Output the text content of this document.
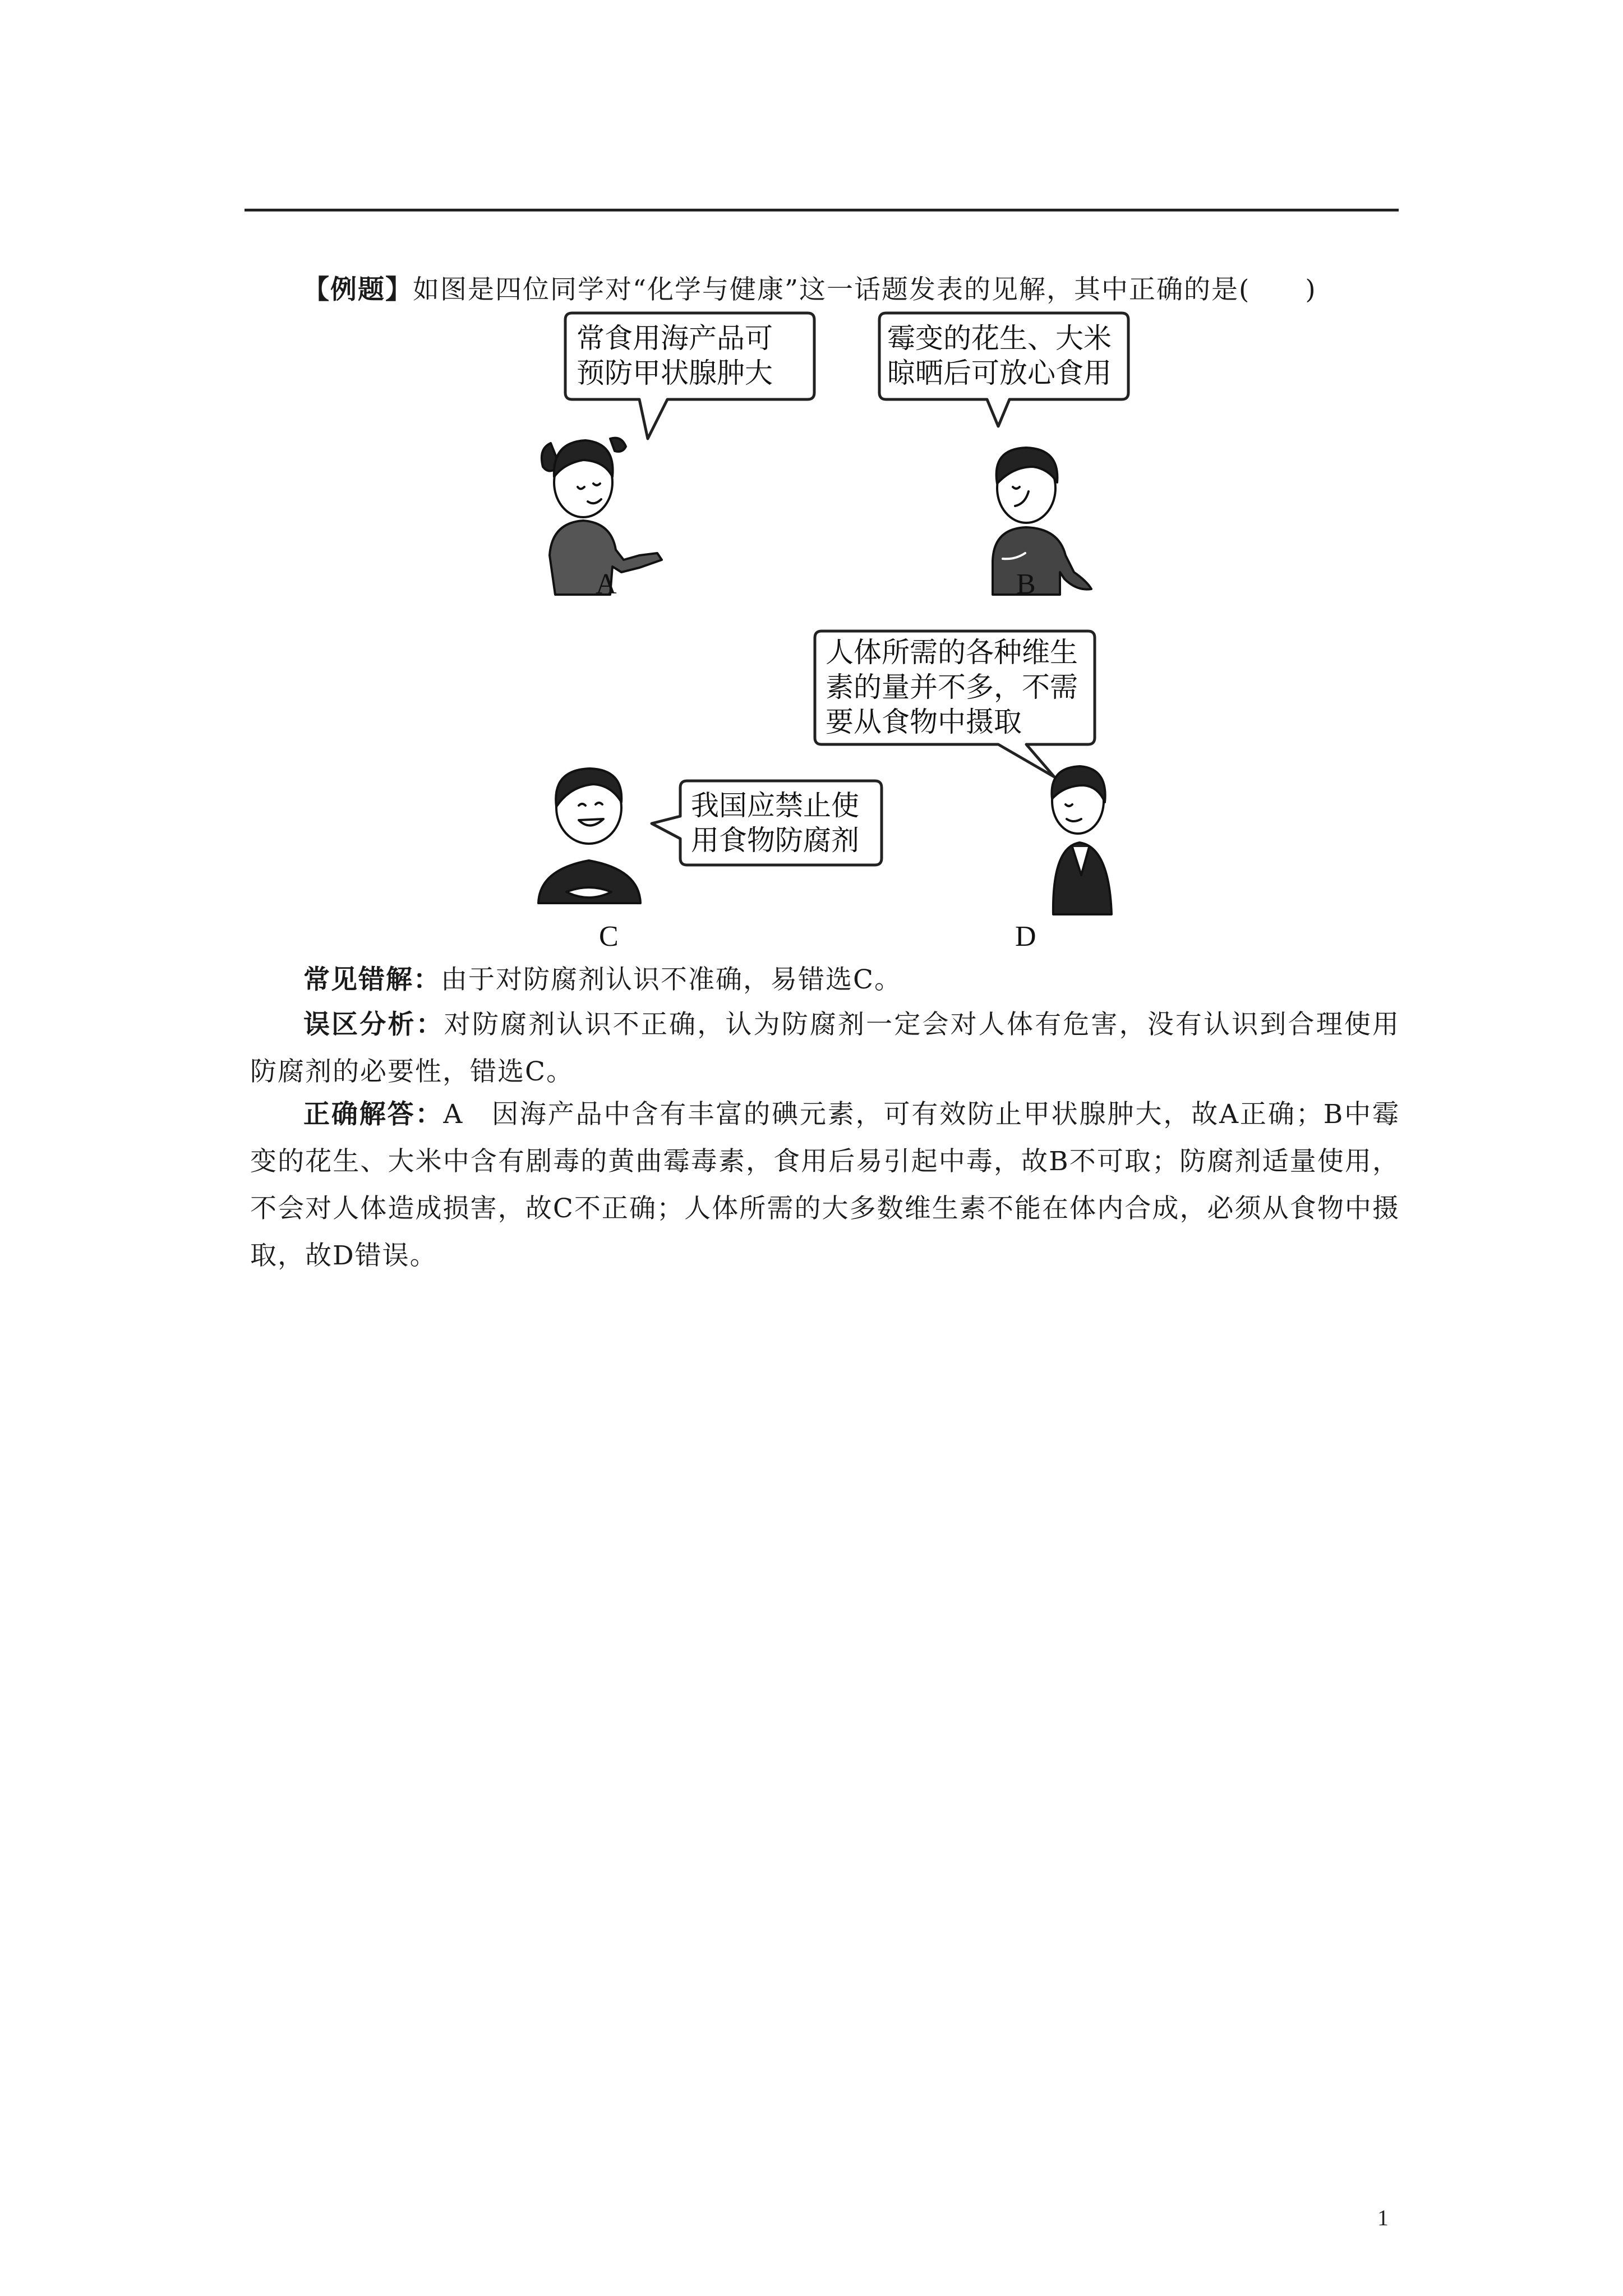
【例题】如图是四位同学对“化学与健康”这一话题发表的见解，其中正确的是(　　)

常食用海产品可
预防甲状腺肿大
霉变的花生、大米
晾晒后可放心食用
人体所需的各种维生
素的量并不多，不需
要从食物中摄取
我国应禁止使
用食物防腐剂
A	B
C	D

常见错解：由于对防腐剂认识不准确，易错选C。

误区分析：对防腐剂认识不正确，认为防腐剂一定会对人体有危害，没有认识到合理使用防腐剂的必要性，错选C。

正确解答：A　因海产品中含有丰富的碘元素，可有效防止甲状腺肿大，故A正确；B中霉变的花生、大米中含有剧毒的黄曲霉毒素，食用后易引起中毒，故B不可取；防腐剂适量使用，不会对人体造成损害，故C不正确；人体所需的大多数维生素不能在体内合成，必须从食物中摄取，故D错误。

1
